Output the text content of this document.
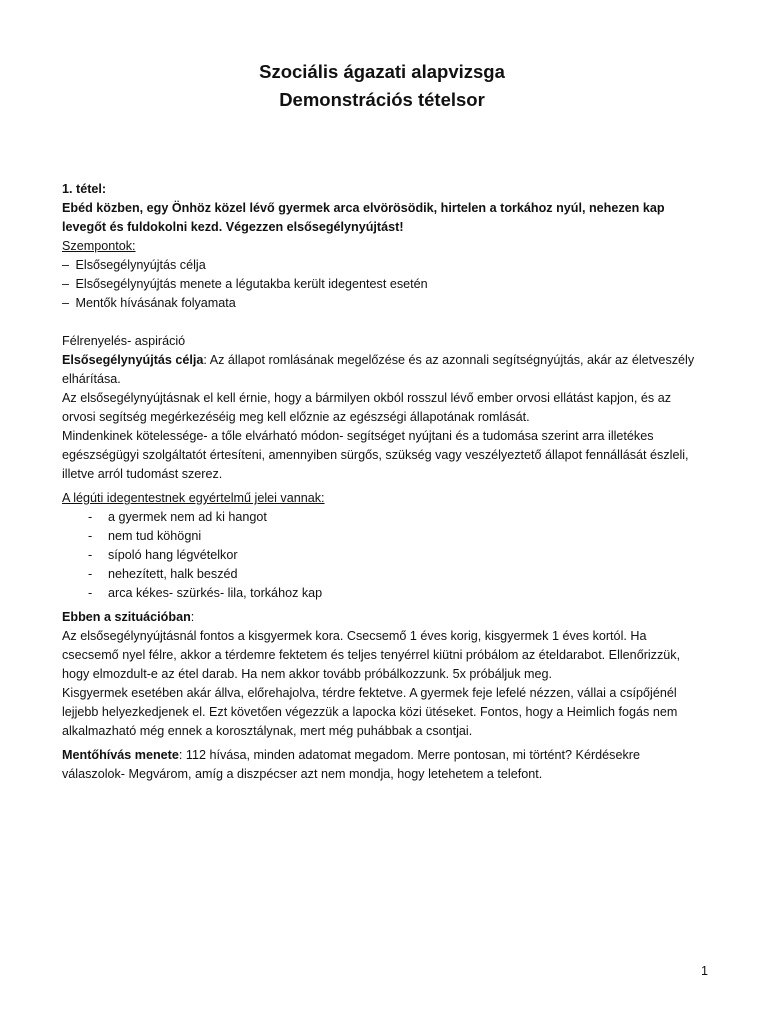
Szociális ágazati alapvizsga

Demonstrációs tételsor

1. tétel:

Ebéd közben, egy Önhöz közel lévő gyermek arca elvörösödik, hirtelen a torkához nyúl, nehezen kap levegőt és fuldokolni kezd. Végezzen elsősegélynyújtást!

Szempontok:

– Elsősegélynyújtás célja

– Elsősegélynyújtás menete a légutakba került idegentest esetén

– Mentők hívásának folyamata

Félrenyelés- aspiráció

Elsősegélynyújtás célja: Az állapot romlásának megelőzése és az azonnali segítségnyújtás, akár az életveszély elhárítása.

Az elsősegélynyújtásnak el kell érnie, hogy a bármilyen okból rosszul lévő ember orvosi ellátást kapjon, és az orvosi segítség megérkezéséig meg kell előznie az egészségi állapotának romlását.

Mindenkinek kötelessége- a tőle elvárható módon- segítséget nyújtani és a tudomása szerint arra illetékes egészségügyi szolgáltatót értesíteni, amennyiben sürgős, szükség vagy veszélyeztető állapot fennállását észleli, illetve arról tudomást szerez.

A légúti idegentestnek egyértelmű jelei vannak:

- a gyermek nem ad ki hangot
- nem tud köhögni
- sípoló hang légvételkor
- nehezített, halk beszéd
- arca kékes- szürkés- lila, torkához kap

Ebben a szituációban:

Az elsősegélynyújtásnál fontos a kisgyermek kora. Csecsemő 1 éves korig, kisgyermek 1 éves kortól. Ha csecsemő nyel félre, akkor a térdemre fektetem és teljes tenyérrel kiütni próbálom az ételdarabot. Ellenőrizzük, hogy elmozdult-e az étel darab. Ha nem akkor tovább próbálkozzunk. 5x próbáljuk meg.

Kisgyermek esetében akár állva, előrehajolva, térdre fektetve. A gyermek feje lefelé nézzen, vállai a csípőjénél lejjebb helyezkedjenek el. Ezt követően végezzük a lapocka közi ütéseket. Fontos, hogy a Heimlich fogás nem alkalmazható még ennek a korosztálynak, mert még puhábbak a csontjai.

Mentőhívás menete: 112 hívása, minden adatomat megadom. Merre pontosan, mi történt? Kérdésekre válaszolok- Megvárom, amíg a diszpécser azt nem mondja, hogy letehetem a telefont.

1
